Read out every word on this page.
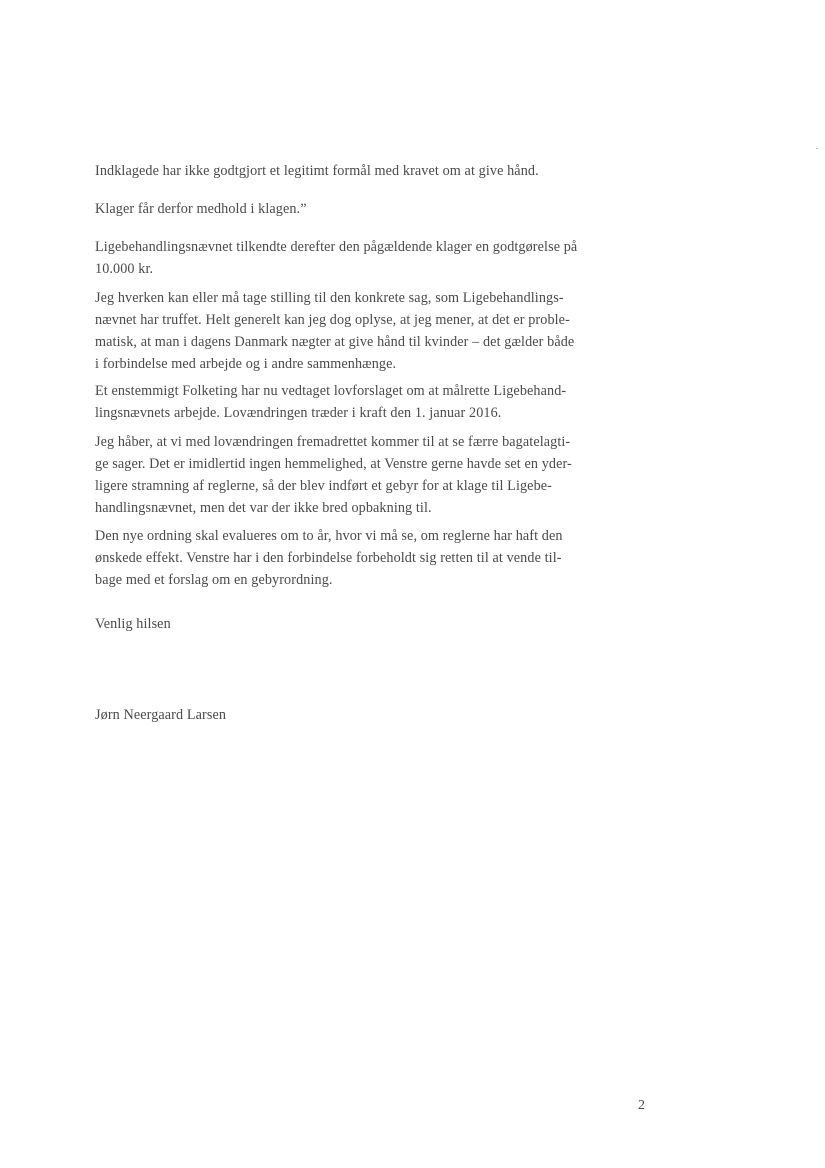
Indklagede har ikke godtgjort et legitimt formål med kravet om at give hånd.
Klager får derfor medhold i klagen.”
Ligebehandlingsnævnet tilkendte derefter den pågældende klager en godtgørelse på
10.000 kr.
Jeg hverken kan eller må tage stilling til den konkrete sag, som Ligebehandlings-
nævnet har truffet. Helt generelt kan jeg dog oplyse, at jeg mener, at det er proble-
matisk, at man i dagens Danmark nægter at give hånd til kvinder – det gælder både
i forbindelse med arbejde og i andre sammenhænge.
Et enstemmigt Folketing har nu vedtaget lovforslaget om at målrette Ligebehand-
lingsnævnets arbejde. Lovændringen træder i kraft den 1. januar 2016.
Jeg håber, at vi med lovændringen fremadrettet kommer til at se færre bagatelagti-
ge sager. Det er imidlertid ingen hemmelighed, at Venstre gerne havde set en yder-
ligere stramning af reglerne, så der blev indført et gebyr for at klage til Ligebe-
handlingsnævnet, men det var der ikke bred opbakning til.
Den nye ordning skal evalueres om to år, hvor vi må se, om reglerne har haft den
ønskede effekt. Venstre har i den forbindelse forbeholdt sig retten til at vende til-
bage med et forslag om en gebyrordning.

Venlig hilsen

Jørn Neergaard Larsen

2
